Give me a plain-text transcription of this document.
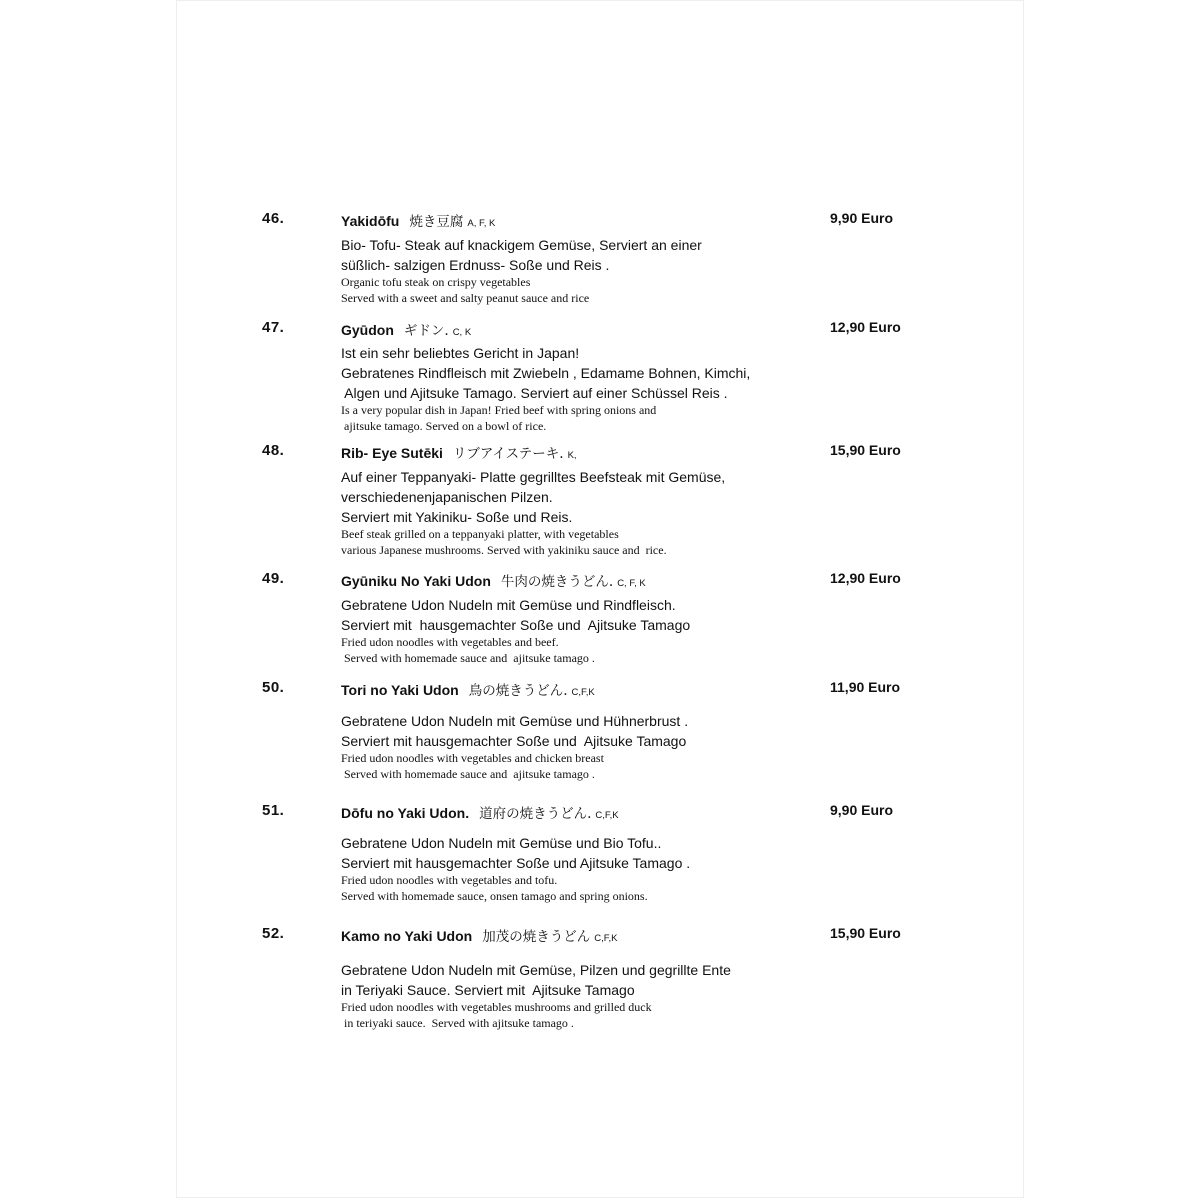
46.	Yakidōfu 焼き豆腐 A, F, K	9,90 Euro
Bio- Tofu- Steak auf knackigem Gemüse, Serviert an einer
süßlich- salzigen Erdnuss- Soße und Reis .
Organic tofu steak on crispy vegetables
Served with a sweet and salty peanut sauce and rice
47.	Gyūdon ギドン. C, K	12,90 Euro
Ist ein sehr beliebtes Gericht in Japan!
Gebratenes Rindfleisch mit Zwiebeln , Edamame Bohnen, Kimchi,
Algen und Ajitsuke Tamago. Serviert auf einer Schüssel Reis .
Is a very popular dish in Japan! Fried beef with spring onions and
ajitsuke tamago. Served on a bowl of rice.
48.	Rib- Eye Sutēki リブアイステーキ. K,	15,90 Euro
Auf einer Teppanyaki- Platte gegrilltes Beefsteak mit Gemüse,
verschiedenenjapanischen Pilzen.
Serviert mit Yakiniku- Soße und Reis.
Beef steak grilled on a teppanyaki platter, with vegetables
various Japanese mushrooms. Served with yakiniku sauce and  rice.
49.	Gyūniku No Yaki Udon 牛肉の焼きうどん. C, F, K	12,90 Euro
Gebratene Udon Nudeln mit Gemüse und Rindfleisch.
Serviert mit  hausgemachter Soße und  Ajitsuke Tamago
Fried udon noodles with vegetables and beef.
Served with homemade sauce and  ajitsuke tamago .
50.	Tori no Yaki Udon 鳥の焼きうどん. C,F,K	11,90 Euro
Gebratene Udon Nudeln mit Gemüse und Hühnerbrust .
Serviert mit hausgemachter Soße und  Ajitsuke Tamago
Fried udon noodles with vegetables and chicken breast
Served with homemade sauce and  ajitsuke tamago .
51.	Dōfu no Yaki Udon. 道府の焼きうどん. C,F,K	9,90 Euro
Gebratene Udon Nudeln mit Gemüse und Bio Tofu..
Serviert mit hausgemachter Soße und Ajitsuke Tamago .
Fried udon noodles with vegetables and tofu.
Served with homemade sauce, onsen tamago and spring onions.
52.	Kamo no Yaki Udon 加茂の焼きうどん C,F,K	15,90 Euro
Gebratene Udon Nudeln mit Gemüse, Pilzen und gegrillte Ente
in Teriyaki Sauce. Serviert mit  Ajitsuke Tamago
Fried udon noodles with vegetables mushrooms and grilled duck
in teriyaki sauce.  Served with ajitsuke tamago .
